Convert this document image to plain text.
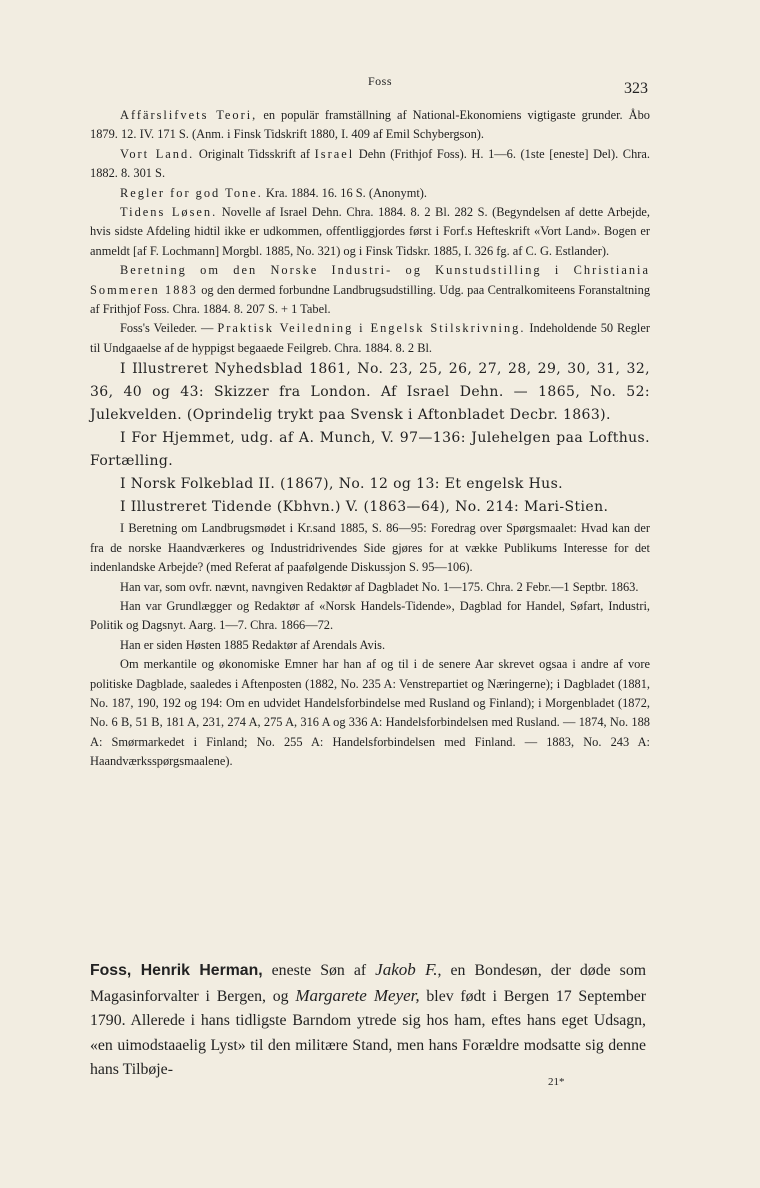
Foss	323

Affärslifvets Teori, en populär framställning af National-Ekonomiens vigtigaste grunder. Åbo 1879. 12. IV. 171 S. (Anm. i Finsk Tidskrift 1880, I. 409 af Emil Schybergson).

Vort Land. Originalt Tidsskrift af Israel Dehn (Frithjof Foss). H. 1—6. (1ste [eneste] Del). Chra. 1882. 8. 301 S.

Regler for god Tone. Kra. 1884. 16. 16 S. (Anonymt).

Tidens Løsen. Novelle af Israel Dehn. Chra. 1884. 8. 2 Bl. 282 S. (Begyndelsen af dette Arbejde, hvis sidste Afdeling hidtil ikke er udkommen, offentliggjordes først i Forf.s Hefteskrift «Vort Land». Bogen er anmeldt [af F. Lochmann] Morgbl. 1885, No. 321) og i Finsk Tidskr. 1885, I. 326 fg. af C. G. Estlander).

Beretning om den Norske Industri- og Kunstudstilling i Christiania Sommeren 1883 og den dermed forbundne Landbrugsudstilling. Udg. paa Centralkomiteens Foranstaltning af Frithjof Foss. Chra. 1884. 8. 207 S. + 1 Tabel.

Foss's Veileder. — Praktisk Veiledning i Engelsk Stilskrivning. Indeholdende 50 Regler til Undgaaelse af de hyppigst begaaede Feilgreb. Chra. 1884. 8. 2 Bl.

I Illustreret Nyhedsblad 1861, No. 23, 25, 26, 27, 28, 29, 30, 31, 32, 36, 40 og 43: Skizzer fra London. Af Israel Dehn. — 1865, No. 52: Julekvelden. (Oprindelig trykt paa Svensk i Aftonbladet Decbr. 1863).

I For Hjemmet, udg. af A. Munch, V. 97—136: Julehelgen paa Lofthus. Fortælling.

I Norsk Folkeblad II. (1867), No. 12 og 13: Et engelsk Hus.

I Illustreret Tidende (Kbhvn.) V. (1863—64), No. 214: Mari-Stien.

I Beretning om Landbrugsmødet i Kr.sand 1885, S. 86—95: Foredrag over Spørgsmaalet: Hvad kan der fra de norske Haandværkeres og Industridrivendes Side gjøres for at vække Publikums Interesse for det indenlandske Arbejde? (med Referat af paafølgende Diskussjon S. 95—106).

Han var, som ovfr. nævnt, navngiven Redaktør af Dagbladet No. 1—175. Chra. 2 Febr.—1 Septbr. 1863.

Han var Grundlægger og Redaktør af «Norsk Handels-Tidende», Dagblad for Handel, Søfart, Industri, Politik og Dagsnyt. Aarg. 1—7. Chra. 1866—72.

Han er siden Høsten 1885 Redaktør af Arendals Avis.

Om merkantile og økonomiske Emner har han af og til i de senere Aar skrevet ogsaa i andre af vore politiske Dagblade, saaledes i Aftenposten (1882, No. 235 A: Venstrepartiet og Næringerne); i Dagbladet (1881, No. 187, 190, 192 og 194: Om en udvidet Handelsforbindelse med Rusland og Finland); i Morgenbladet (1872, No. 6 B, 51 B, 181 A, 231, 274 A, 275 A, 316 A og 336 A: Handelsforbindelsen med Rusland. — 1874, No. 188 A: Smørmarkedet i Finland; No. 255 A: Handelsforbindelsen med Finland. — 1883, No. 243 A: Haandværksspørgsmaalene).

Foss, Henrik Herman, eneste Søn af Jakob F., en Bondesøn, der døde som Magasinforvalter i Bergen, og Margarete Meyer, blev født i Bergen 17 September 1790. Allerede i hans tidligste Barndom ytrede sig hos ham, eftes hans eget Udsagn, «en uimodstaaelig Lyst» til den militære Stand, men hans Forældre modsatte sig denne hans Tilbøje-

21*
